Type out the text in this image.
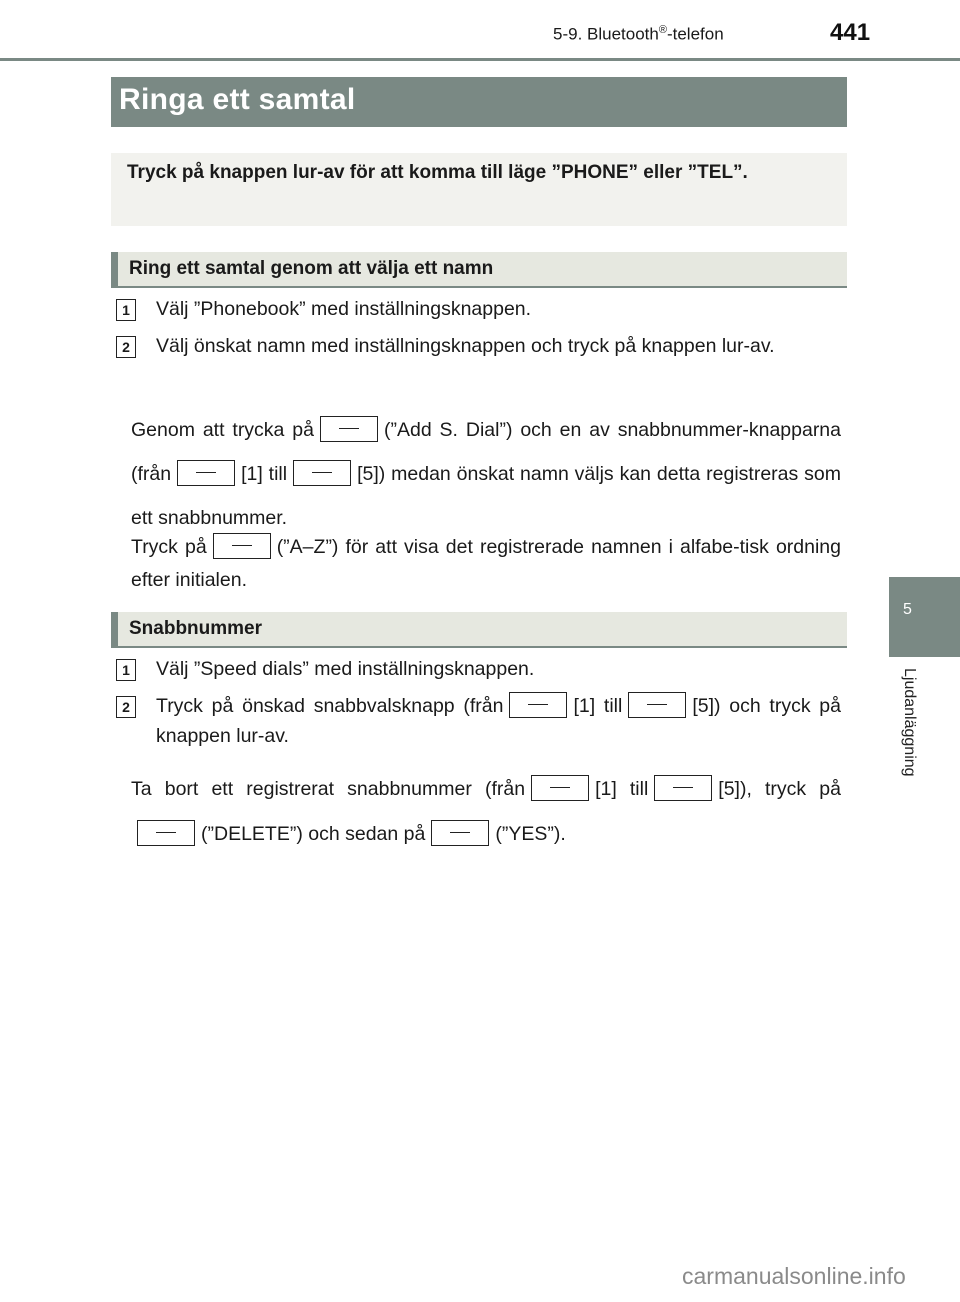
5-9. Bluetooth®-telefon	441
Ringa ett samtal

Tryck på knappen lur-av för att komma till läge ”PHONE” eller ”TEL”.

Ring ett samtal genom att välja ett namn
1	Välj ”Phonebook” med inställningsknappen.
2	Välj önskat namn med inställningsknappen och tryck på knappen lur-av.
Genom att trycka på	(”Add S. Dial”) och en av snabbnummer-knapparna (från	[1] till	[5]) medan önskat namn väljs kan detta registreras som ett snabbnummer.
Tryck på	(”A–Z”) för att visa det registrerade namnen i alfabe-tisk ordning efter initialen.
Snabbnummer
1	Välj ”Speed dials” med inställningsknappen.
2	Tryck på önskad snabbvalsknapp (från	[1] till	[5]) och tryck på knappen lur-av.
Ta bort ett registrerat snabbnummer (från	[1] till	[5]), tryck på(”DELETE”) och sedan på	(”YES”).
5
Ljudanläggning
carmanualsonline.info
